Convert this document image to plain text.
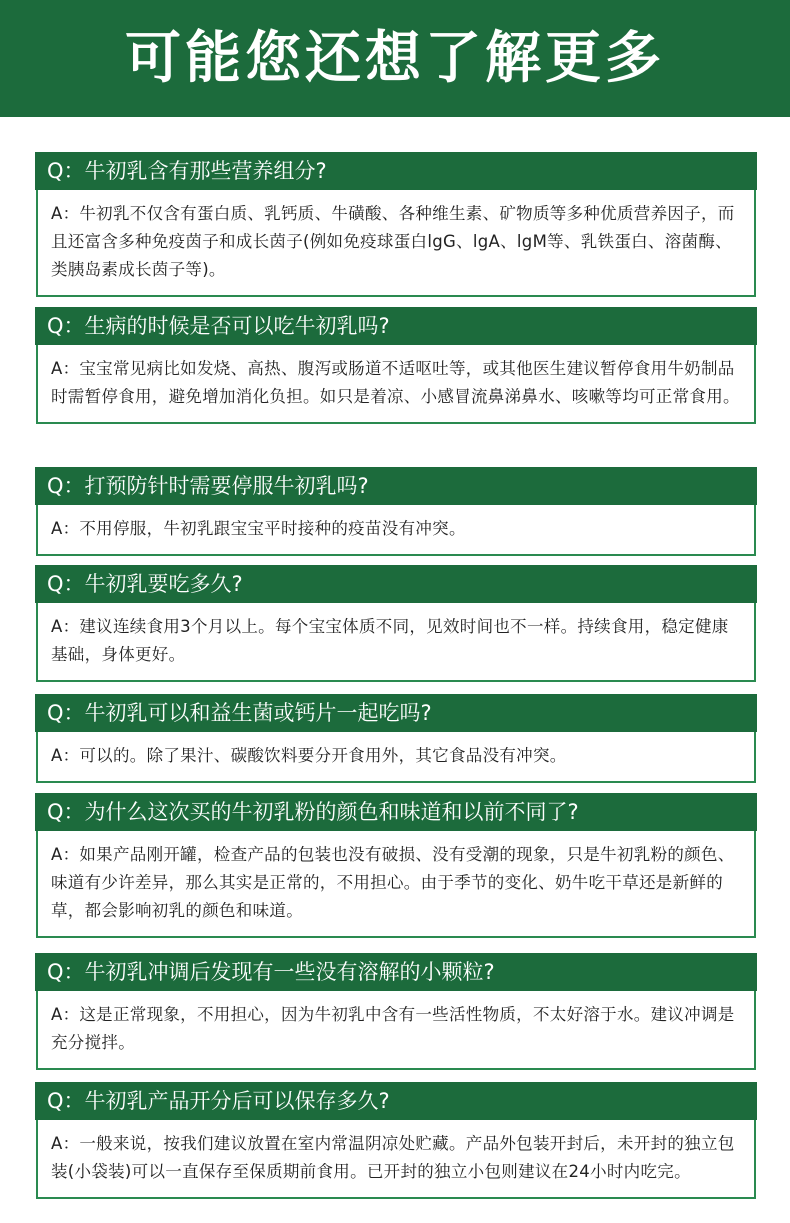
可能您还想了解更多
Q：牛初乳含有那些营养组分?
A：牛初乳不仅含有蛋白质、乳钙质、牛磺酸、各种维生素、矿物质等多种优质营养因子，而且还富含多种免疫茵子和成长茵子(例如免疫球蛋白lgG、lgA、lgM等、乳铁蛋白、溶菌酶、类胰岛素成长茵子等)。
Q：生病的时候是否可以吃牛初乳吗?
A：宝宝常见病比如发烧、高热、腹泻或肠道不适呕吐等，或其他医生建议暂停食用牛奶制品时需暂停食用，避免增加消化负担。如只是着凉、小感冒流鼻涕鼻水、咳嗽等均可正常食用。
Q：打预防针时需要停服牛初乳吗?
A：不用停服，牛初乳跟宝宝平时接种的疫苗没有冲突。
Q：牛初乳要吃多久?
A：建议连续食用3个月以上。每个宝宝体质不同，见效时间也不一样。持续食用，稳定健康基础，身体更好。
Q：牛初乳可以和益生菌或钙片一起吃吗?
A：可以的。除了果汁、碳酸饮料要分开食用外，其它食品没有冲突。
Q：为什么这次买的牛初乳粉的颜色和味道和以前不同了?
A：如果产品刚开罐，检查产品的包装也没有破损、没有受潮的现象，只是牛初乳粉的颜色、味道有少许差异，那么其实是正常的，不用担心。由于季节的变化、奶牛吃干草还是新鲜的草，都会影响初乳的颜色和味道。
Q：牛初乳冲调后发现有一些没有溶解的小颗粒?
A：这是正常现象，不用担心，因为牛初乳中含有一些活性物质，不太好溶于水。建议冲调是充分搅拌。
Q：牛初乳产品开分后可以保存多久?
A：一般来说，按我们建议放置在室内常温阴凉处贮藏。产品外包装开封后，未开封的独立包装(小袋装)可以一直保存至保质期前食用。已开封的独立小包则建议在24小时内吃完。
